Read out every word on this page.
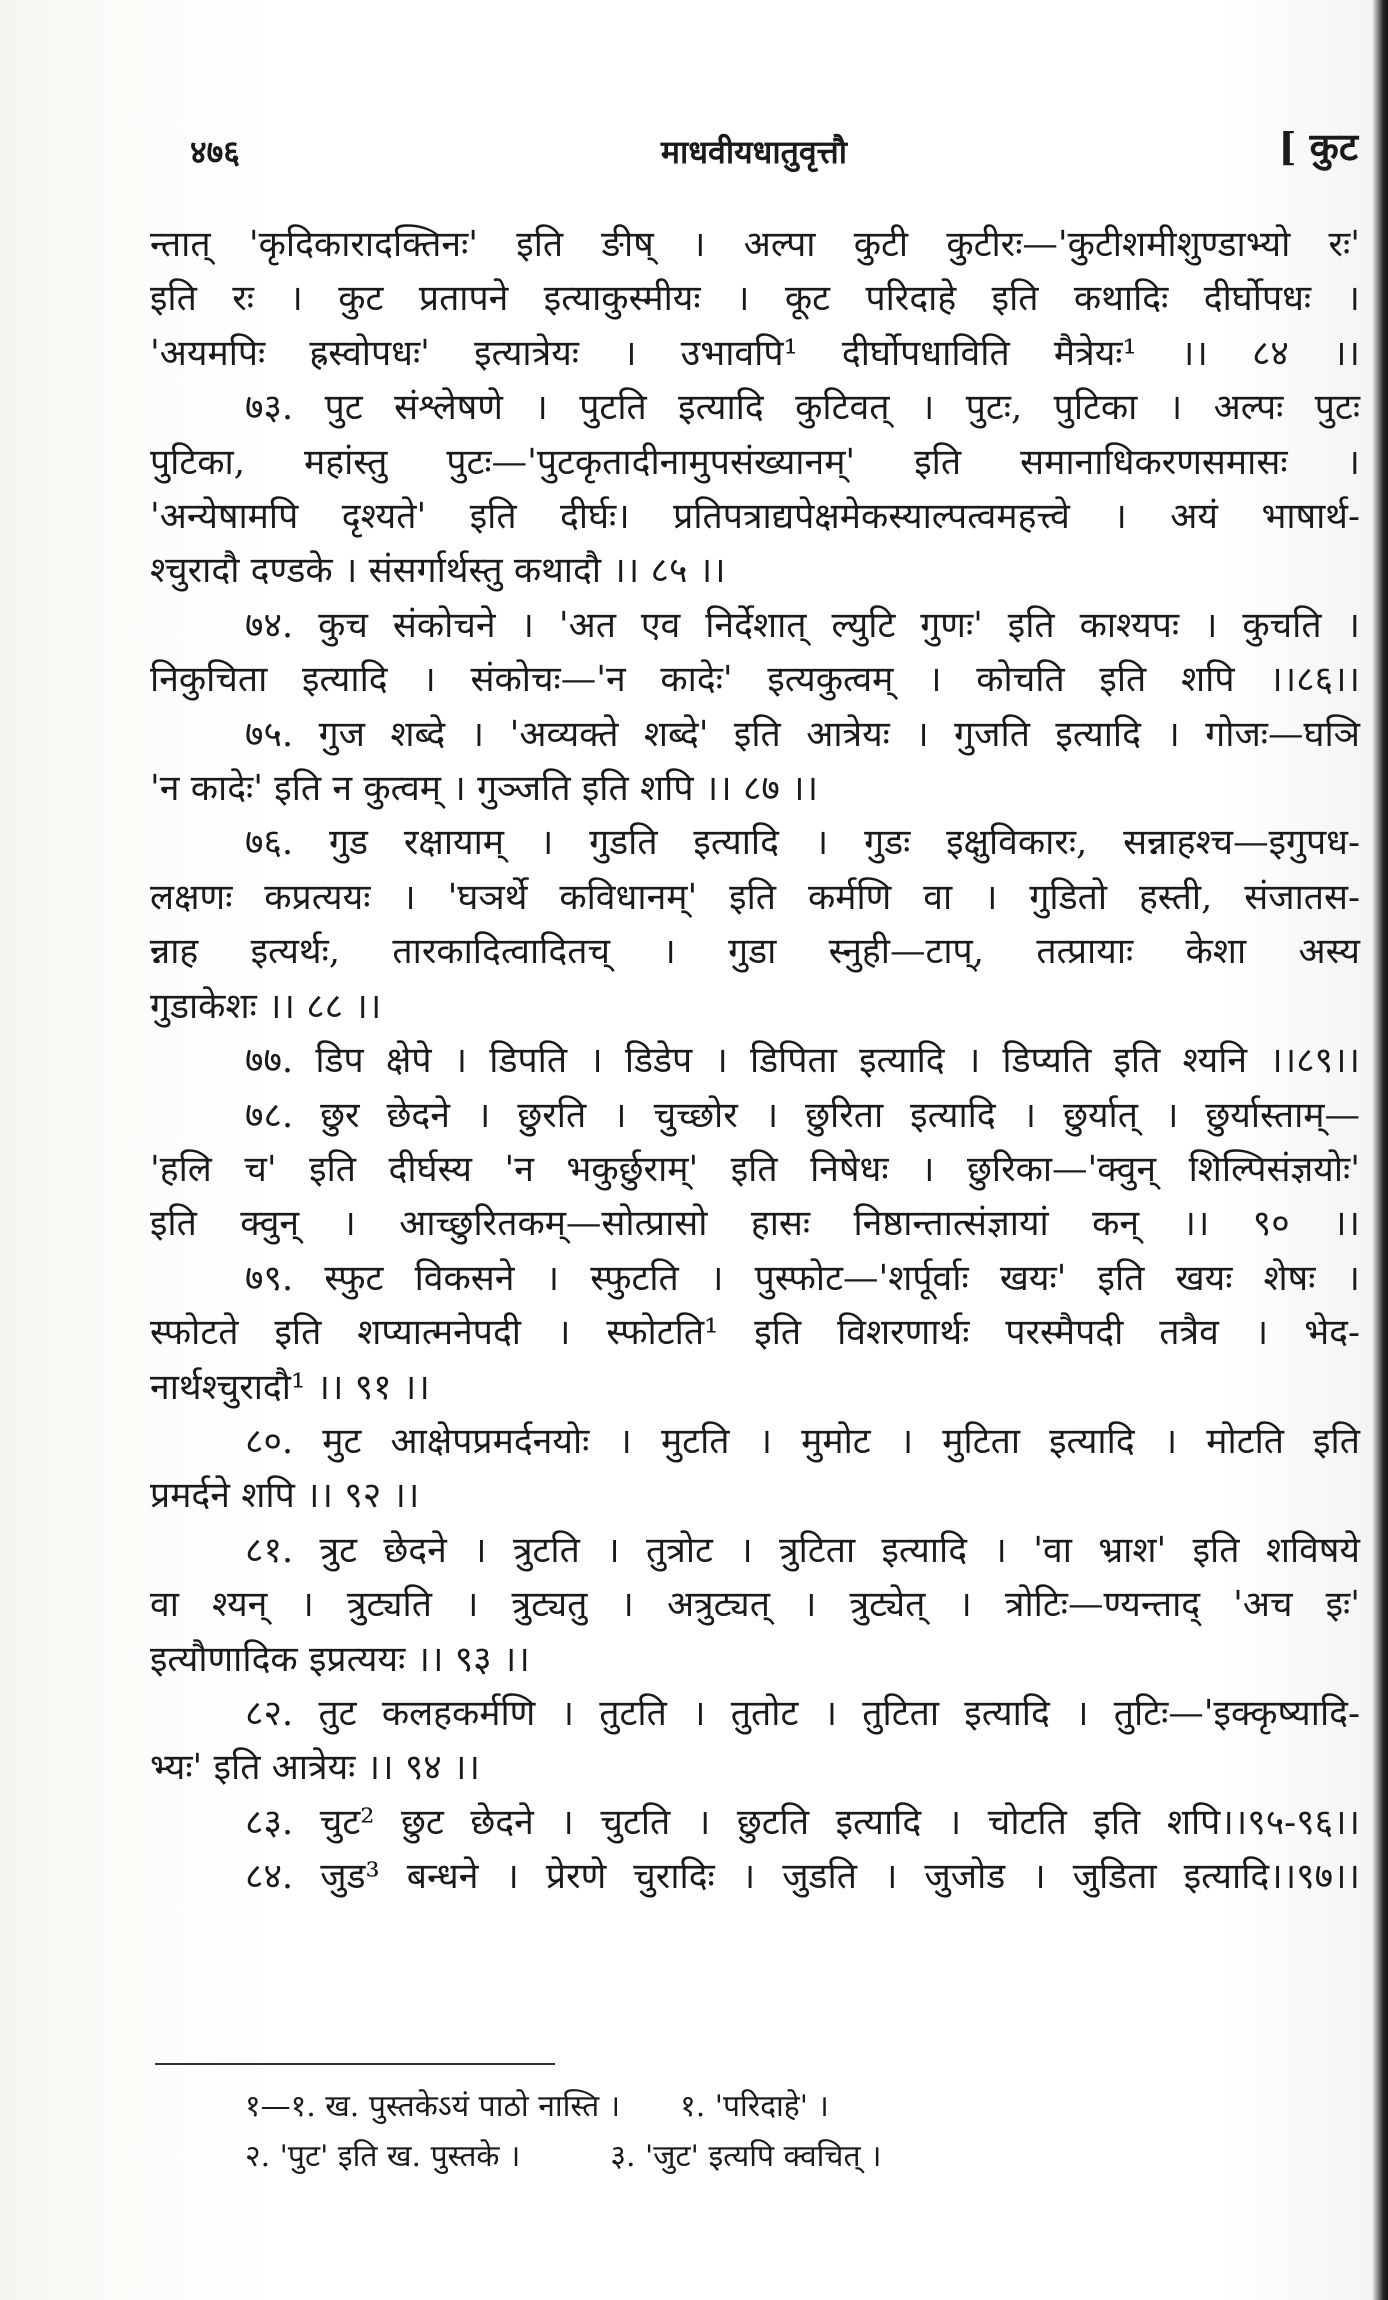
४७६	माधवीयधातुवृत्तौ	[ कुट
न्तात् 'कृदिकारादक्तिनः' इति ङीष् । अल्पा कुटी कुटीरः—'कुटीशमीशुण्डाभ्यो रः'
इति रः । कुट प्रतापने इत्याकुस्मीयः । कूट परिदाहे इति कथादिः दीर्घोपधः ।
'अयमपिः ह्रस्वोपधः' इत्यात्रेयः । उभावपि¹ दीर्घोपधाविति मैत्रेयः¹ ।। ८४ ।।
७३. पुट संश्लेषणे । पुटति इत्यादि कुटिवत् । पुटः, पुटिका । अल्पः पुटः
पुटिका, महांस्तु पुटः—'पुटकृतादीनामुपसंख्यानम्' इति समानाधिकरणसमासः ।
'अन्येषामपि दृश्यते' इति दीर्घः। प्रतिपत्राद्यपेक्षमेकस्याल्पत्वमहत्त्वे । अयं भाषार्थ-
श्चुरादौ दण्डके । संसर्गार्थस्तु कथादौ ।। ८५ ।।
७४. कुच संकोचने । 'अत एव निर्देशात् ल्युटि गुणः' इति काश्यपः । कुचति ।
निकुचिता इत्यादि । संकोचः—'न कादेः' इत्यकुत्वम् । कोचति इति शपि ।।८६।।
७५. गुज शब्दे । 'अव्यक्ते शब्दे' इति आत्रेयः । गुजति इत्यादि । गोजः—घञि
'न कादेः' इति न कुत्वम् । गुञ्जति इति शपि ।। ८७ ।।
७६. गुड रक्षायाम् । गुडति इत्यादि । गुडः इक्षुविकारः, सन्नाहश्च—इगुपध-
लक्षणः कप्रत्ययः । 'घञर्थे कविधानम्' इति कर्मणि वा । गुडितो हस्ती, संजातस-
न्नाह इत्यर्थः, तारकादित्वादितच् । गुडा स्नुही—टाप्, तत्प्रायाः केशा अस्य
गुडाकेशः ।। ८८ ।।
७७. डिप क्षेपे । डिपति । डिडेप । डिपिता इत्यादि । डिप्यति इति श्यनि ।।८९।।
७८. छुर छेदने । छुरति । चुच्छोर । छुरिता इत्यादि । छुर्यात् । छुर्यास्ताम्—
'हलि च' इति दीर्घस्य 'न भकुर्छुराम्' इति निषेधः । छुरिका—'क्वुन् शिल्पिसंज्ञयोः'
इति क्वुन् । आच्छुरितकम्—सोत्प्रासो हासः निष्ठान्तात्संज्ञायां कन् ।। ९० ।।
७९. स्फुट विकसने । स्फुटति । पुस्फोट—'शर्पूर्वाः खयः' इति खयः शेषः ।
स्फोटते इति शप्यात्मनेपदी । स्फोटति¹ इति विशरणार्थः परस्मैपदी तत्रैव । भेद-
नार्थश्चुरादौ¹ ।। ९१ ।।
८०. मुट आक्षेपप्रमर्दनयोः । मुटति । मुमोट । मुटिता इत्यादि । मोटति इति
प्रमर्दने शपि ।। ९२ ।।
८१. त्रुट छेदने । त्रुटति । तुत्रोट । त्रुटिता इत्यादि । 'वा भ्राश' इति शविषये
वा श्यन् । त्रुट्यति । त्रुट्यतु । अत्रुट्यत् । त्रुट्येत् । त्रोटिः—ण्यन्ताद् 'अच इः'
इत्यौणादिक इप्रत्ययः ।। ९३ ।।
८२. तुट कलहकर्मणि । तुटति । तुतोट । तुटिता इत्यादि । तुटिः—'इक्कृष्यादि-
भ्यः' इति आत्रेयः ।। ९४ ।।
८३. चुट² छुट छेदने । चुटति । छुटति इत्यादि । चोटति इति शपि।।९५-९६।।
८४. जुड³ बन्धने । प्रेरणे चुरादिः । जुडति । जुजोड । जुडिता इत्यादि।।९७।।
१—१. ख. पुस्तकेऽयं पाठो नास्ति । १. 'परिदाहे' ।
२. 'पुट' इति ख. पुस्तके ।	३. 'जुट' इत्यपि क्वचित् ।
